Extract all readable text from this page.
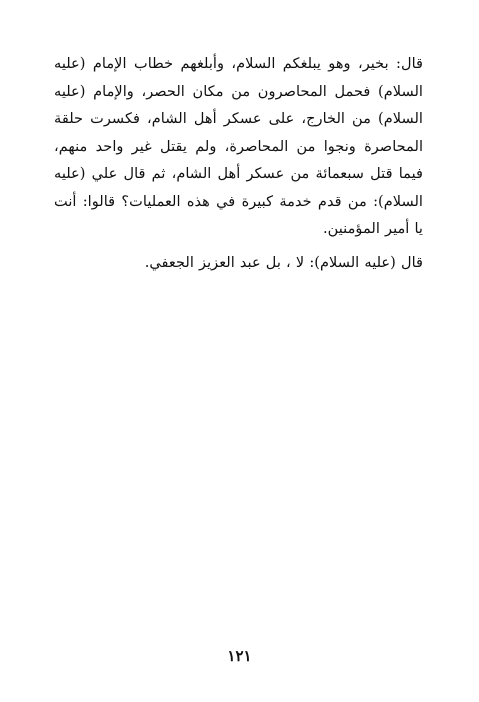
قال: بخير، وهو يبلغكم السلام، وأبلغهم خطاب الإمام (عليه السلام) فحمل المحاصرون من مكان الحصر، والإمام (عليه السلام) من الخارج، على عسكر أهل الشام، فكسرت حلقة المحاصرة ونجوا من المحاصرة، ولم يقتل غير واحد منهم، فيما قتل سبعمائة من عسكر أهل الشام، ثم قال علي (عليه السلام): من قدم خدمة كبيرة في هذه العمليات؟ قالوا: أنت يا أمير المؤمنين.

قال (عليه السلام): لا ، بل عبد العزيز الجعفي.

١٢١
